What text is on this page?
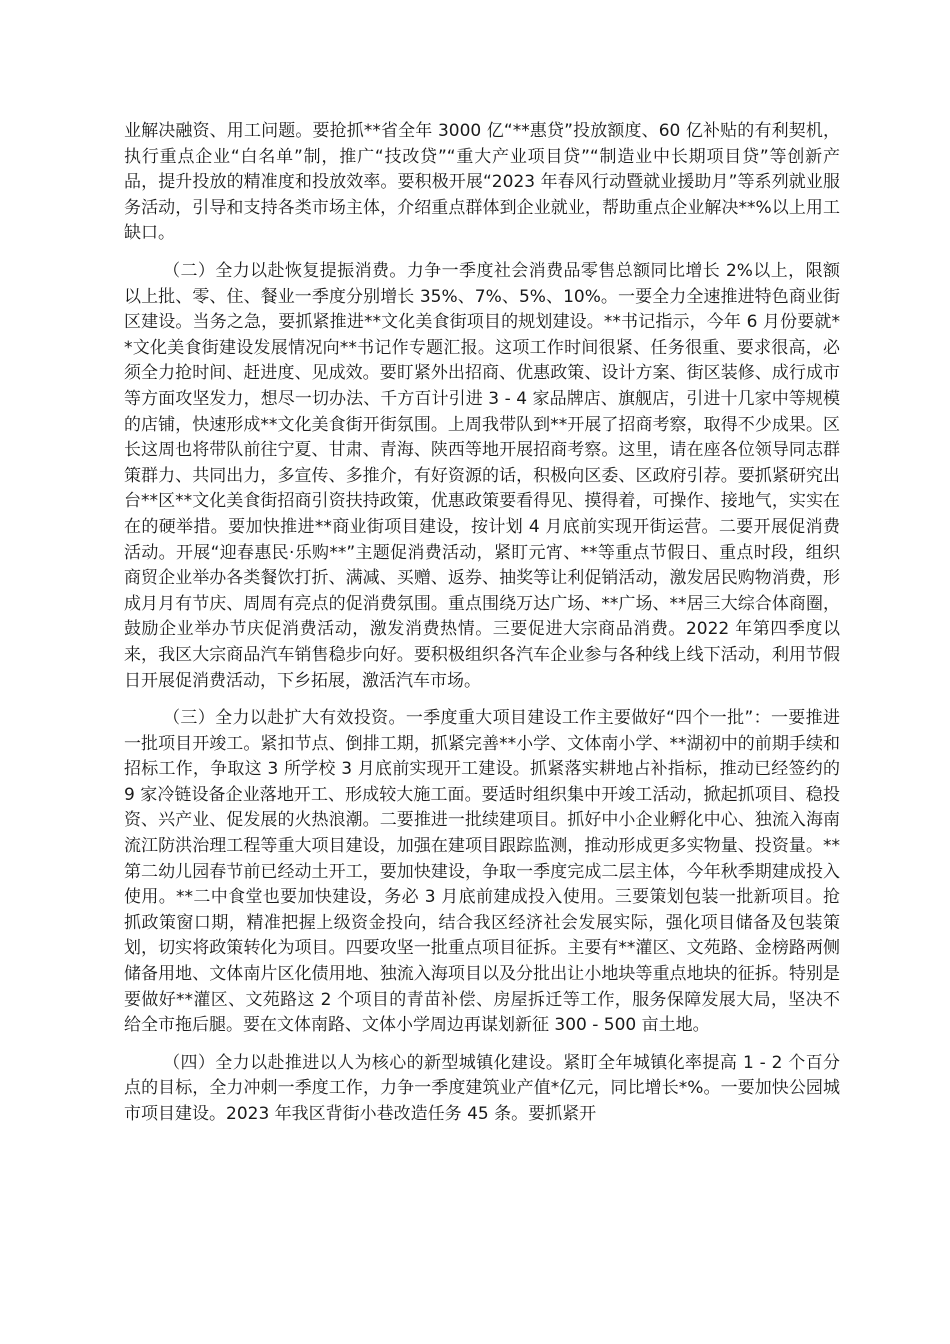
业解决融资、用工问题。要抢抓**省全年 3000 亿“**惠贷”投放额度、60 亿补贴的有利契机，执行重点企业“白名单”制，推广“技改贷”“重大产业项目贷”“制造业中长期项目贷”等创新产品，提升投放的精准度和投放效率。要积极开展“2023 年春风行动暨就业援助月”等系列就业服务活动，引导和支持各类市场主体，介绍重点群体到企业就业，帮助重点企业解决**%以上用工缺口。

（二）全力以赴恢复提振消费。力争一季度社会消费品零售总额同比增长 2%以上，限额以上批、零、住、餐业一季度分别增长 35%、7%、5%、10%。一要全力全速推进特色商业街区建设。当务之急，要抓紧推进**文化美食街项目的规划建设。**书记指示，今年 6 月份要就**文化美食街建设发展情况向**书记作专题汇报。这项工作时间很紧、任务很重、要求很高，必须全力抢时间、赶进度、见成效。要盯紧外出招商、优惠政策、设计方案、街区装修、成行成市等方面攻坚发力，想尽一切办法、千方百计引进 3 - 4 家品牌店、旗舰店，引进十几家中等规模的店铺，快速形成**文化美食街开街氛围。上周我带队到**开展了招商考察，取得不少成果。区长这周也将带队前往宁夏、甘肃、青海、陕西等地开展招商考察。这里，请在座各位领导同志群策群力、共同出力，多宣传、多推介，有好资源的话，积极向区委、区政府引荐。要抓紧研究出台**区**文化美食街招商引资扶持政策，优惠政策要看得见、摸得着，可操作、接地气，实实在在的硬举措。要加快推进**商业街项目建设，按计划 4 月底前实现开街运营。二要开展促消费活动。开展“迎春惠民·乐购**”主题促消费活动，紧盯元宵、**等重点节假日、重点时段，组织商贸企业举办各类餐饮打折、满减、买赠、返券、抽奖等让利促销活动，激发居民购物消费，形成月月有节庆、周周有亮点的促消费氛围。重点围绕万达广场、**广场、**居三大综合体商圈，鼓励企业举办节庆促消费活动，激发消费热情。三要促进大宗商品消费。2022 年第四季度以来，我区大宗商品汽车销售稳步向好。要积极组织各汽车企业参与各种线上线下活动，利用节假日开展促消费活动，下乡拓展，激活汽车市场。

（三）全力以赴扩大有效投资。一季度重大项目建设工作主要做好“四个一批”：一要推进一批项目开竣工。紧扣节点、倒排工期，抓紧完善**小学、文体南小学、**湖初中的前期手续和招标工作，争取这 3 所学校 3 月底前实现开工建设。抓紧落实耕地占补指标，推动已经签约的 9 家冷链设备企业落地开工、形成较大施工面。要适时组织集中开竣工活动，掀起抓项目、稳投资、兴产业、促发展的火热浪潮。二要推进一批续建项目。抓好中小企业孵化中心、独流入海南流江防洪治理工程等重大项目建设，加强在建项目跟踪监测，推动形成更多实物量、投资量。**第二幼儿园春节前已经动土开工，要加快建设，争取一季度完成二层主体，今年秋季期建成投入使用。**二中食堂也要加快建设，务必 3 月底前建成投入使用。三要策划包装一批新项目。抢抓政策窗口期，精准把握上级资金投向，结合我区经济社会发展实际，强化项目储备及包装策划，切实将政策转化为项目。四要攻坚一批重点项目征拆。主要有**灌区、文苑路、金榜路两侧储备用地、文体南片区化债用地、独流入海项目以及分批出让小地块等重点地块的征拆。特别是要做好**灌区、文苑路这 2 个项目的青苗补偿、房屋拆迁等工作，服务保障发展大局，坚决不给全市拖后腿。要在文体南路、文体小学周边再谋划新征 300 - 500 亩土地。

（四）全力以赴推进以人为核心的新型城镇化建设。紧盯全年城镇化率提高 1 - 2 个百分点的目标，全力冲刺一季度工作，力争一季度建筑业产值*亿元，同比增长*%。一要加快公园城市项目建设。2023 年我区背街小巷改造任务 45 条。要抓紧开
